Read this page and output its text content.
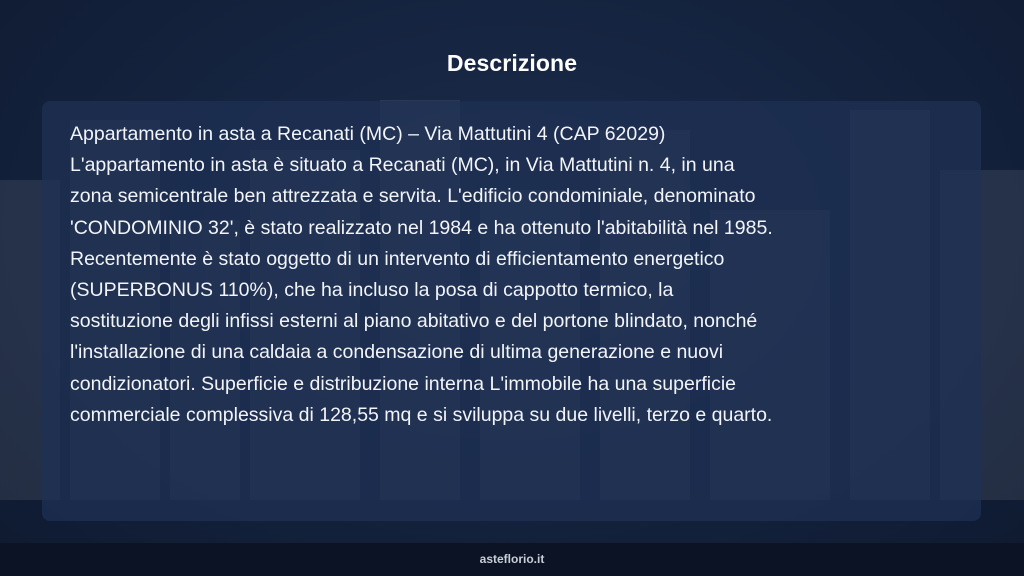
Descrizione

Appartamento in asta a Recanati (MC) – Via Mattutini 4 (CAP 62029)
L'appartamento in asta è situato a Recanati (MC), in Via Mattutini n. 4, in una
zona semicentrale ben attrezzata e servita. L'edificio condominiale, denominato
'CONDOMINIO 32', è stato realizzato nel 1984 e ha ottenuto l'abitabilità nel 1985.
Recentemente è stato oggetto di un intervento di efficientamento energetico
(SUPERBONUS 110%), che ha incluso la posa di cappotto termico, la
sostituzione degli infissi esterni al piano abitativo e del portone blindato, nonché
l'installazione di una caldaia a condensazione di ultima generazione e nuovi
condizionatori. Superficie e distribuzione interna L'immobile ha una superficie
commerciale complessiva di 128,55 mq e si sviluppa su due livelli, terzo e quarto.

asteflorio.it
